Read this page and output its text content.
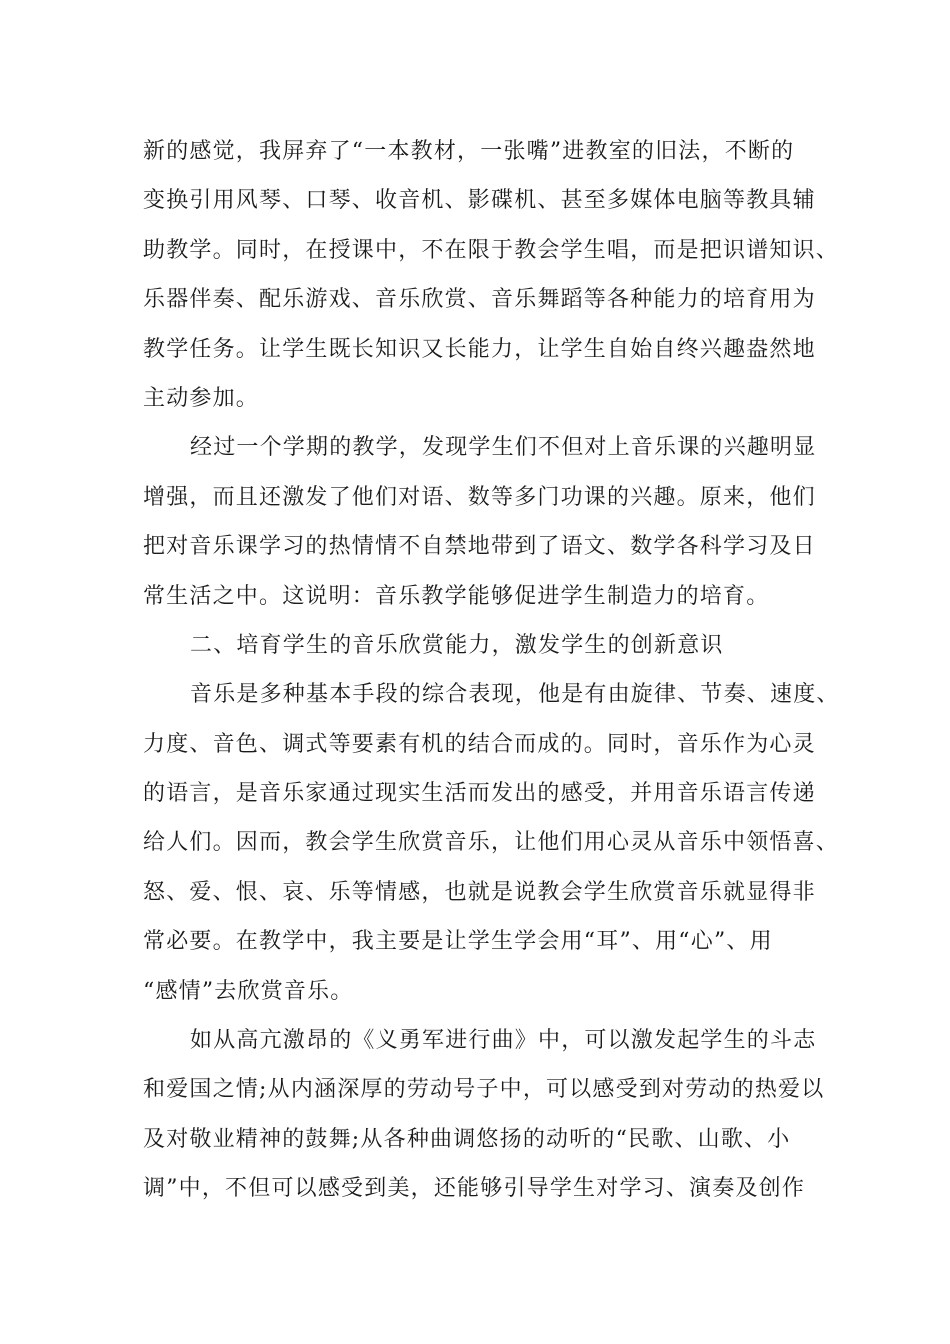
新的感觉，我屏弃了“一本教材，一张嘴”进教室的旧法，不断的
变换引用风琴、口琴、收音机、影碟机、甚至多媒体电脑等教具辅
助教学。同时，在授课中，不在限于教会学生唱，而是把识谱知识、
乐器伴奏、配乐游戏、音乐欣赏、音乐舞蹈等各种能力的培育用为
教学任务。让学生既长知识又长能力，让学生自始自终兴趣盎然地
主动参加。
经过一个学期的教学，发现学生们不但对上音乐课的兴趣明显
增强，而且还激发了他们对语、数等多门功课的兴趣。原来，他们
把对音乐课学习的热情情不自禁地带到了语文、数学各科学习及日
常生活之中。这说明：音乐教学能够促进学生制造力的培育。
二、培育学生的音乐欣赏能力，激发学生的创新意识
音乐是多种基本手段的综合表现，他是有由旋律、节奏、速度、
力度、音色、调式等要素有机的结合而成的。同时，音乐作为心灵
的语言，是音乐家通过现实生活而发出的感受，并用音乐语言传递
给人们。因而，教会学生欣赏音乐，让他们用心灵从音乐中领悟喜、
怒、爱、恨、哀、乐等情感，也就是说教会学生欣赏音乐就显得非
常必要。在教学中，我主要是让学生学会用“耳”、用“心”、用
“感情”去欣赏音乐。
如从高亢激昂的《义勇军进行曲》中，可以激发起学生的斗志
和爱国之情;从内涵深厚的劳动号子中，可以感受到对劳动的热爱以
及对敬业精神的鼓舞;从各种曲调悠扬的动听的“民歌、山歌、小
调”中，不但可以感受到美，还能够引导学生对学习、演奏及创作
